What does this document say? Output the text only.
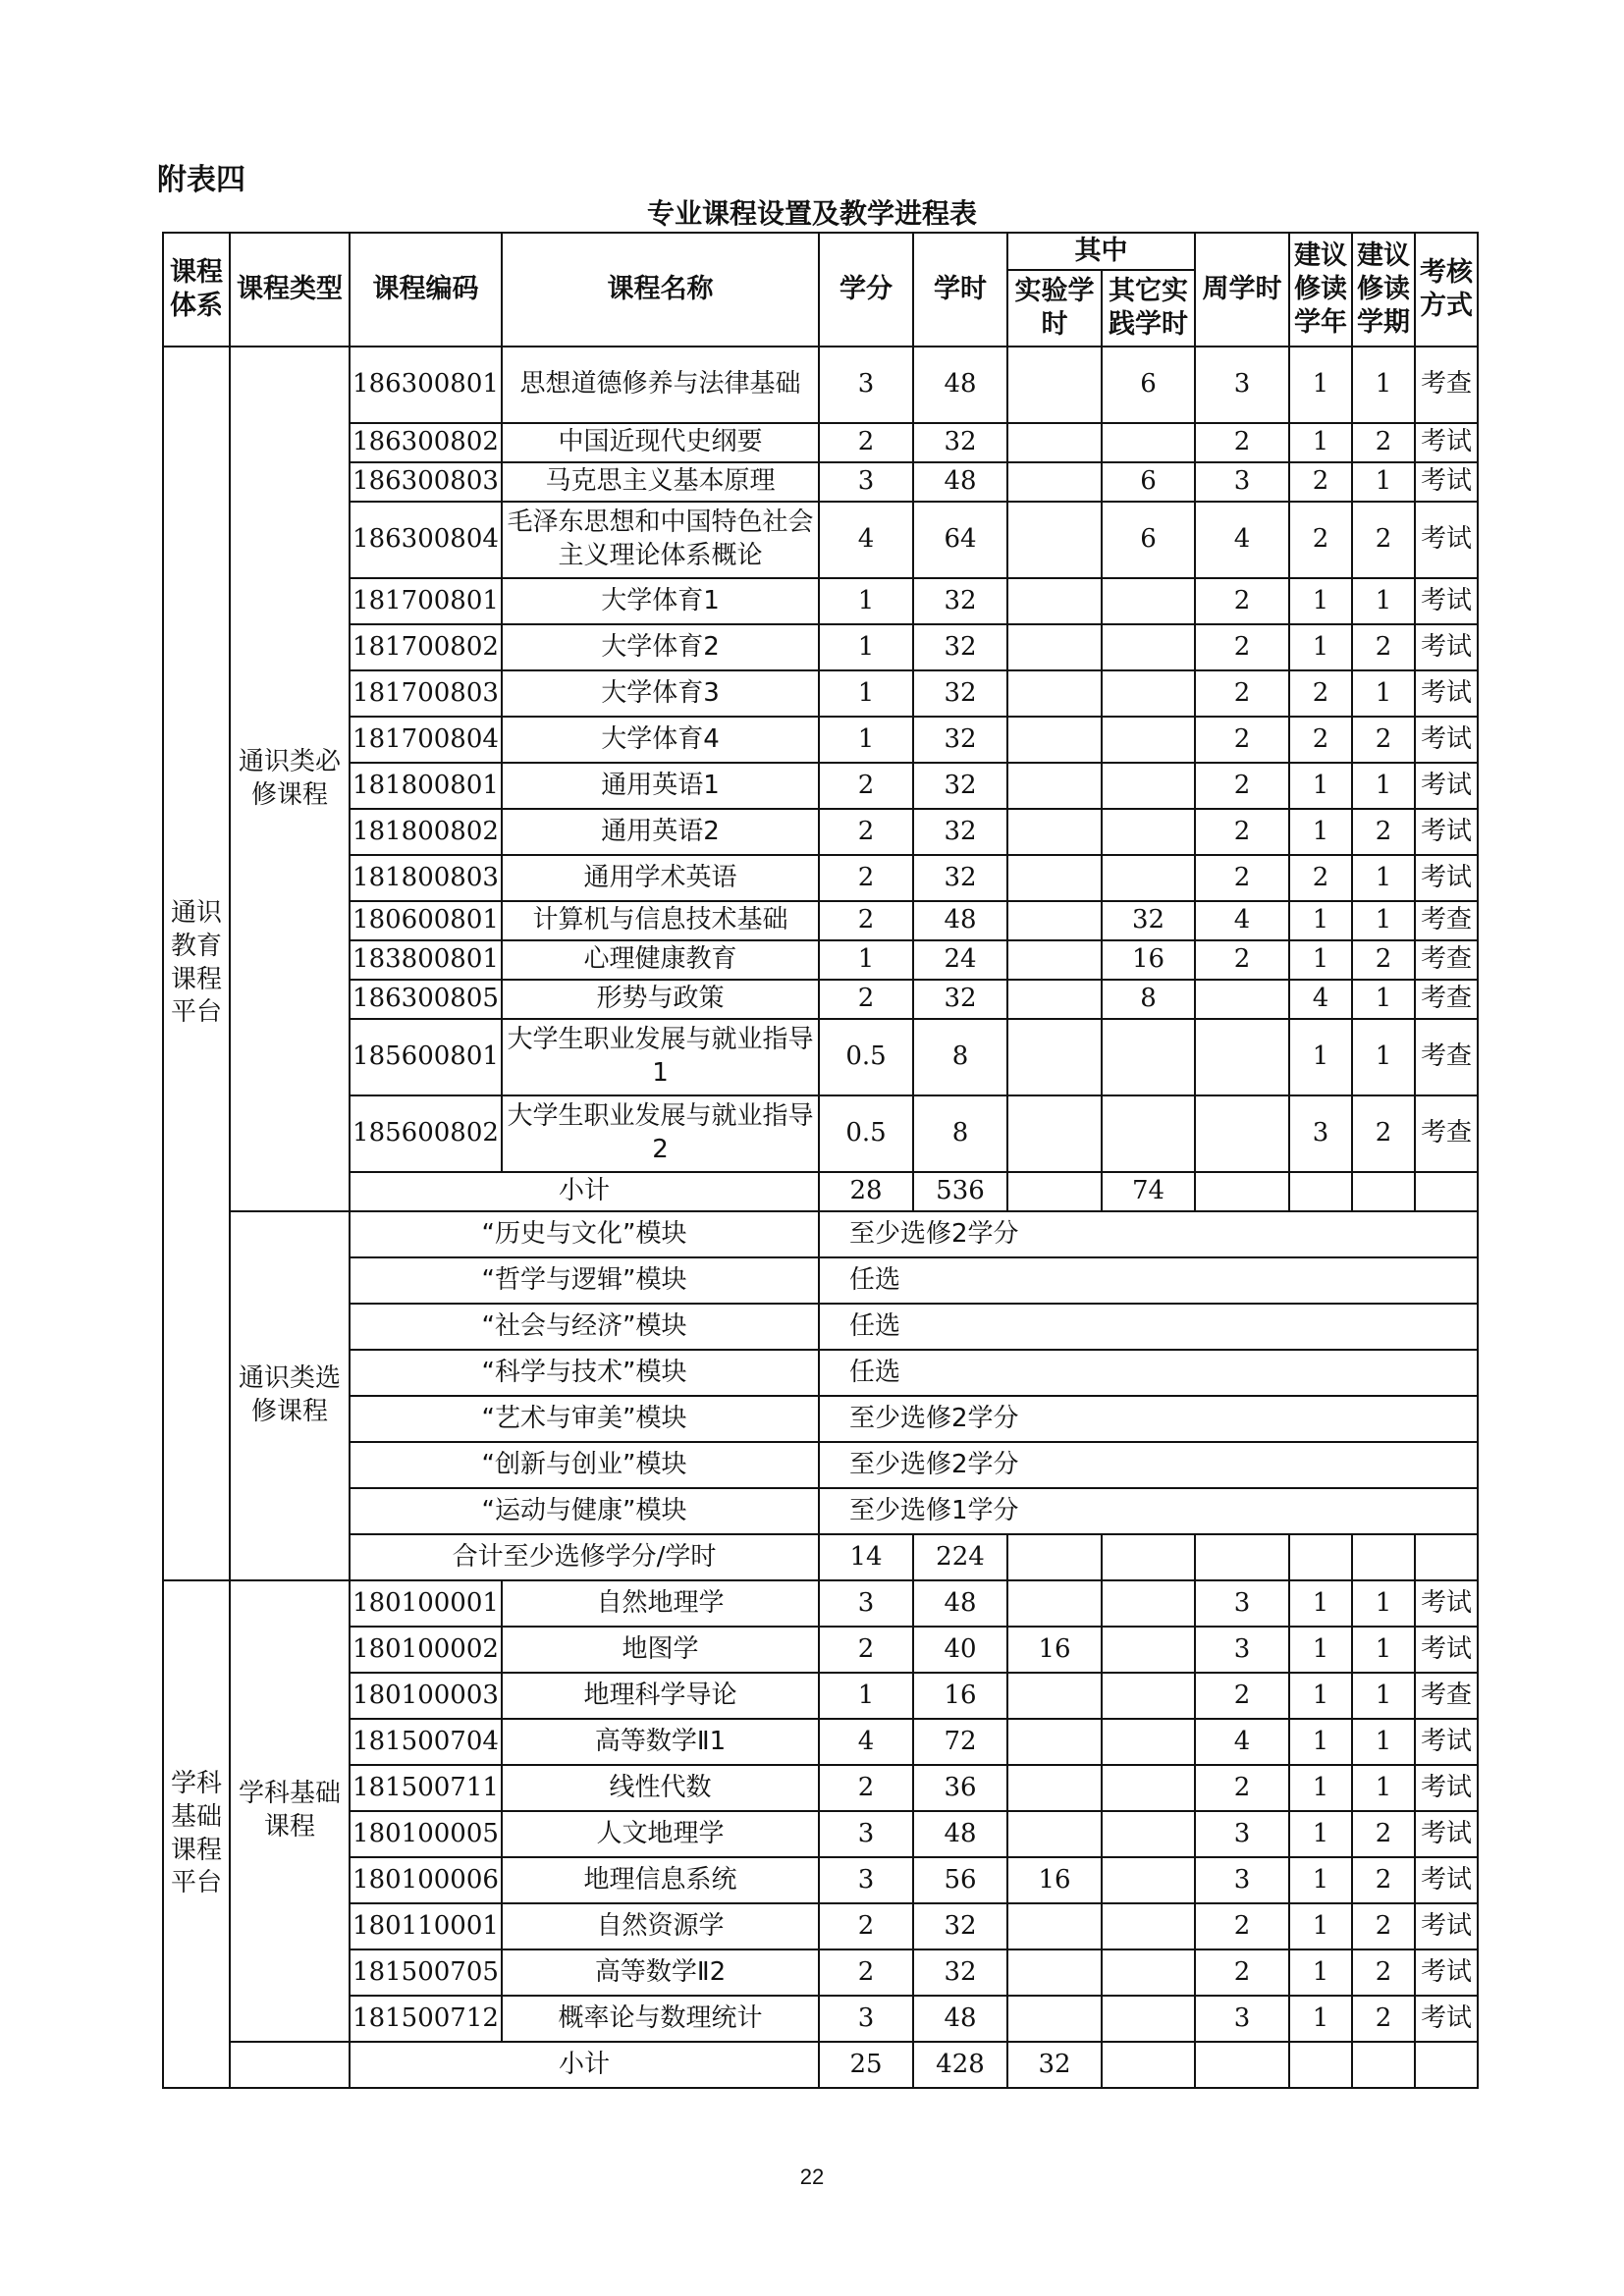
附表四
专业课程设置及教学进程表
课程体系	课程类型	课程编码	课程名称	学分	学时	其中		周学时	建议修读学年	建议修读学期	考核方式
						实验学时	其它实践学时				
通识教育课程平台	通识类必修课程	186300801	思想道德修养与法律基础	3	48		6	3	1	1	考查
		186300802	中国近现代史纲要	2	32			2	1	2	考试
		186300803	马克思主义基本原理	3	48		6	3	2	1	考试
		186300804	毛泽东思想和中国特色社会主义理论体系概论	4	64		6	4	2	2	考试
		181700801	大学体育1	1	32			2	1	1	考试
		181700802	大学体育2	1	32			2	1	2	考试
		181700803	大学体育3	1	32			2	2	1	考试
		181700804	大学体育4	1	32			2	2	2	考试
		181800801	通用英语1	2	32			2	1	1	考试
		181800802	通用英语2	2	32			2	1	2	考试
		181800803	通用学术英语	2	32			2	2	1	考试
		180600801	计算机与信息技术基础	2	48		32	4	1	1	考查
		183800801	心理健康教育	1	24		16	2	1	2	考查
		186300805	形势与政策	2	32		8		4	1	考查
		185600801	大学生职业发展与就业指导1	0.5	8				1	1	考查
		185600802	大学生职业发展与就业指导2	0.5	8				3	2	考查
		小计		28	536		74				
	通识类选修课程	“历史与文化”模块		至少选修2学分							
		“哲学与逻辑”模块		任选							
		“社会与经济”模块		任选							
		“科学与技术”模块		任选							
		“艺术与审美”模块		至少选修2学分							
		“创新与创业”模块		至少选修2学分							
		“运动与健康”模块		至少选修1学分							
		合计至少选修学分/学时		14	224						
学科基础课程平台	学科基础课程	180100001	自然地理学	3	48			3	1	1	考试
		180100002	地图学	2	40	16		3	1	1	考试
		180100003	地理科学导论	1	16			2	1	1	考查
		181500704	高等数学Ⅱ1	4	72			4	1	1	考试
		181500711	线性代数	2	36			2	1	1	考试
		180100005	人文地理学	3	48			3	1	2	考试
		180100006	地理信息系统	3	56	16		3	1	2	考试
		180110001	自然资源学	2	32			2	1	2	考试
		181500705	高等数学Ⅱ2	2	32			2	1	2	考试
		181500712	概率论与数理统计	3	48			3	1	2	考试
		小计		25	428	32					
22
